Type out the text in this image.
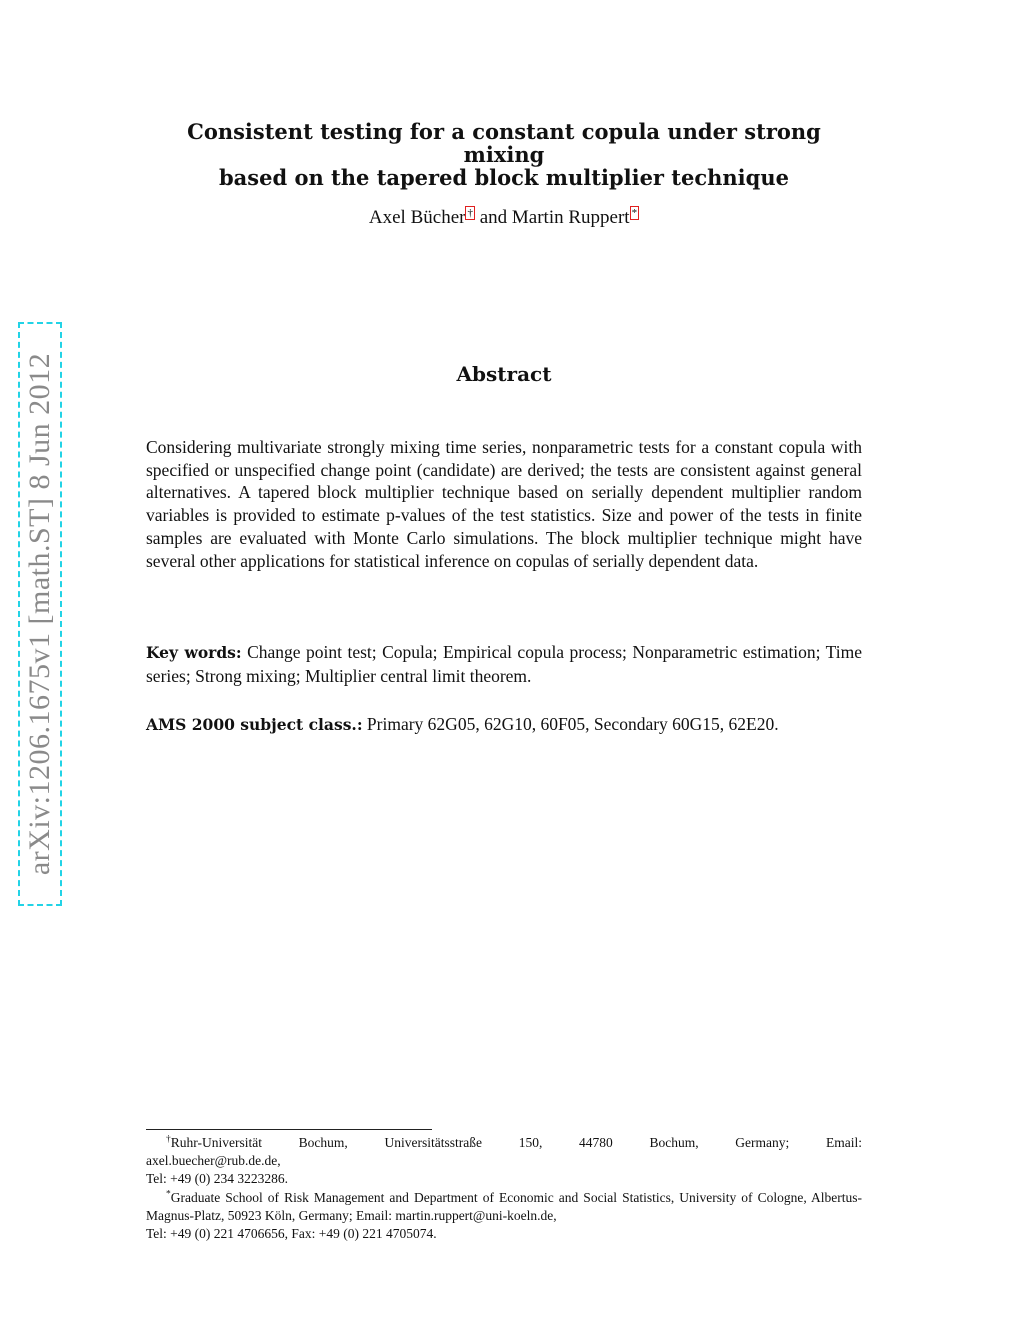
arXiv:1206.1675v1 [math.ST] 8 Jun 2012
Consistent testing for a constant copula under strong mixing
based on the tapered block multiplier technique
Axel Bücher † and Martin Ruppert *
Abstract

Considering multivariate strongly mixing time series, nonparametric tests for a constant copula with specified or unspecified change point (candidate) are derived; the tests are consistent against general alternatives. A tapered block multiplier technique based on serially dependent multiplier random variables is provided to estimate p-values of the test statistics. Size and power of the tests in finite samples are evaluated with Monte Carlo simulations. The block multiplier technique might have several other applications for statistical inference on copulas of serially dependent data.

Key words: Change point test; Copula; Empirical copula process; Nonparametric estimation; Time series; Strong mixing; Multiplier central limit theorem.

AMS 2000 subject class.: Primary 62G05, 62G10, 60F05, Secondary 60G15, 62E20.

†Ruhr-Universität	Bochum,	Universitätsstraße	150,	44780	Bochum,	Germany;	Email:

axel.buecher@rub.de.de,

Tel: +49 (0) 234 3223286.

*Graduate School of Risk Management and Department of Economic and Social Statistics, University of Cologne, Albertus-Magnus-Platz, 50923 Köln, Germany; Email: martin.ruppert@uni-koeln.de,

Tel: +49 (0) 221 4706656, Fax: +49 (0) 221 4705074.
